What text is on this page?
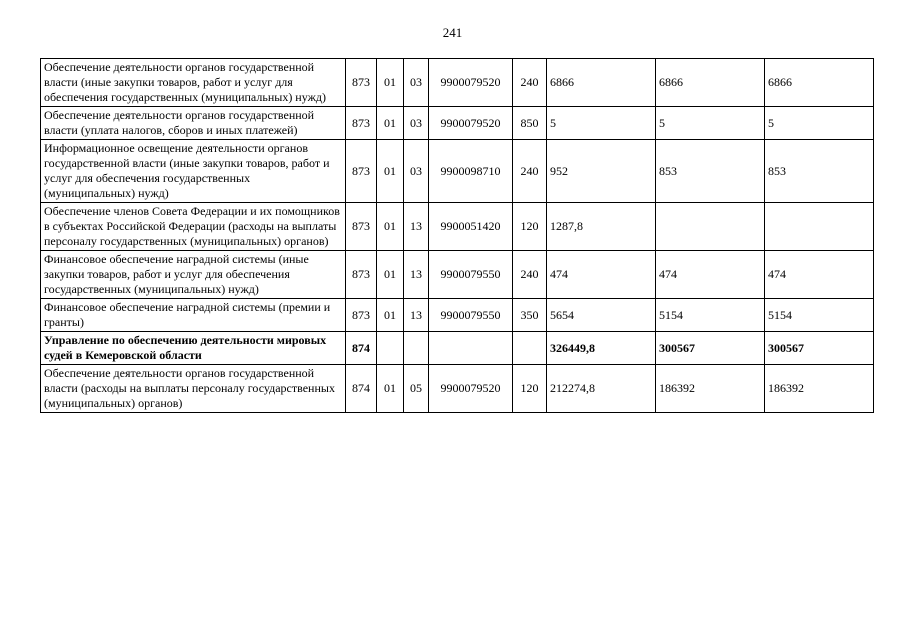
241
Обеспечение деятельности органов государственной власти (иные закупки товаров, работ и услуг для обеспечения государственных (муниципальных) нужд)	873	01	03	9900079520	240	6866	6866	6866
Обеспечение деятельности органов государственной власти (уплата налогов, сборов и иных платежей)	873	01	03	9900079520	850	5	5	5
Информационное освещение деятельности органов государственной власти (иные закупки товаров, работ и услуг для обеспечения государственных (муниципальных) нужд)	873	01	03	9900098710	240	952	853	853
Обеспечение членов Совета Федерации и их помощников в субъектах Российской Федерации (расходы на выплаты персоналу государственных (муниципальных) органов)	873	01	13	9900051420	120	1287,8		
Финансовое обеспечение наградной системы (иные закупки товаров, работ и услуг для обеспечения государственных (муниципальных) нужд)	873	01	13	9900079550	240	474	474	474
Финансовое обеспечение наградной системы (премии и гранты)	873	01	13	9900079550	350	5654	5154	5154
Управление по обеспечению деятельности мировых судей в Кемеровской области	874					326449,8	300567	300567
Обеспечение деятельности органов государственной власти (расходы на выплаты персоналу государственных (муниципальных) органов)	874	01	05	9900079520	120	212274,8	186392	186392
